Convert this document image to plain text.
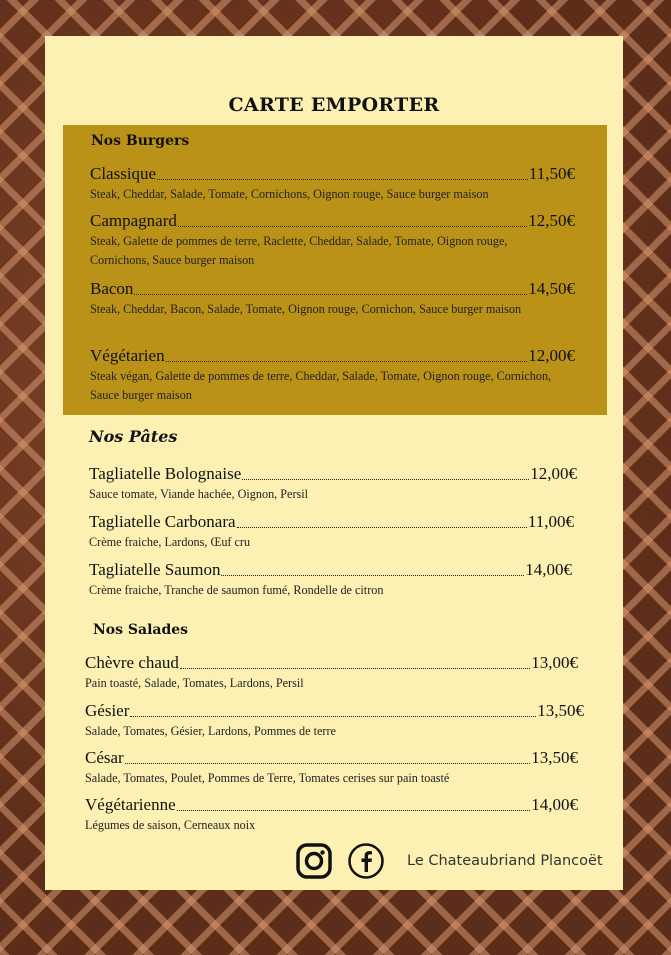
CARTE EMPORTER
Nos Burgers
Classique	11,50€
Steak, Cheddar, Salade, Tomate, Cornichons, Oignon rouge, Sauce burger maison
Campagnard	12,50€
Steak, Galette de pommes de terre, Raclette, Cheddar, Salade, Tomate, Oignon rouge, Cornichons, Sauce burger maison
Bacon	14,50€
Steak, Cheddar, Bacon, Salade, Tomate, Oignon rouge, Cornichon, Sauce burger maison
Végétarien	12,00€
Steak végan, Galette de pommes de terre, Cheddar, Salade, Tomate, Oignon rouge, Cornichon, Sauce burger maison
Nos Pâtes
Tagliatelle Bolognaise	12,00€
Sauce tomate, Viande hachée, Oignon, Persil
Tagliatelle Carbonara	11,00€
Crème fraiche, Lardons, Œuf cru
Tagliatelle Saumon	14,00€
Crème fraiche, Tranche de saumon fumé, Rondelle de citron
Nos Salades
Chèvre chaud	13,00€
Pain toasté, Salade, Tomates, Lardons, Persil
Gésier	13,50€
Salade, Tomates, Gésier, Lardons, Pommes de terre
César	13,50€
Salade, Tomates, Poulet, Pommes de Terre, Tomates cerises sur pain toasté
Végétarienne	14,00€
Légumes de saison, Cerneaux noix
Le Chateaubriand Plancoët
